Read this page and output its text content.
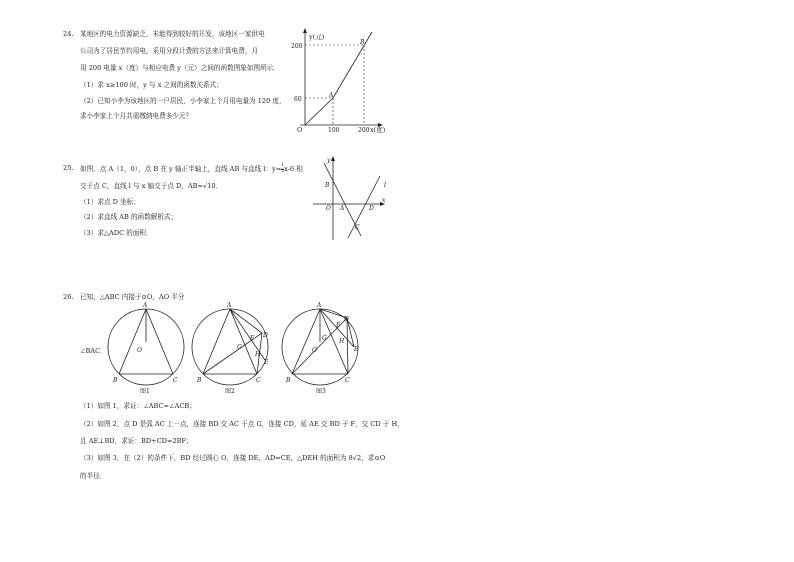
24. 某地区的电力资源缺乏，未能得到较好的开发，该地区一家供电
公司为了居民节约用电，采用分段计费的方法来计算电费，月
用 200 电量 x（度）与相应电费 y（元）之间的函数图象如图所示．
（1）求 x≥100 时，y 与 x 之间的函数关系式；
（2）已知小李为该地区的一户居民，小李家上个月用电量为 120 度，
求小李家上个月共需缴纳电费多少元？
y(元)
x(度)
O
200
60
100	200
A
B
25. 如图，点 A（1，0），点 B 在 y 轴正半轴上，直线 AB 与直线 l：$y= \frac{1}{2} x-6$ 相
交于点 C，直线 l 与 x 轴交于点 D，AB=√10．
（1）求点 D 坐标；
（2）求直线 AB 的函数解析式；
（3）求△ADC 的面积．
y
x
l
O A
B
C
D
26. 已知，△ABC 内接于⊙O，AO 平分
∠BAC．
A
O
B	C
图1
A
D
F
G
H
E
B	C
图2
A
F
D
G H
E
O
B	C
图3
（1）如图 1，求证：∠ABC=∠ACB；
（2）如图 2，点 D 是弧 AC 上一点，连接 BD 交 AC 于点 G，连接 CD，延 AE 交 BD 于 F，交 CD 于 H，
且 AE⊥BD，求证：BD+CD=2BF；
（3）如图 3，在（2）的条件下，BD 经过圆心 O，连接 DE，AD=CE，△DEH 的面积为 8√2，求⊙O
的半径．
